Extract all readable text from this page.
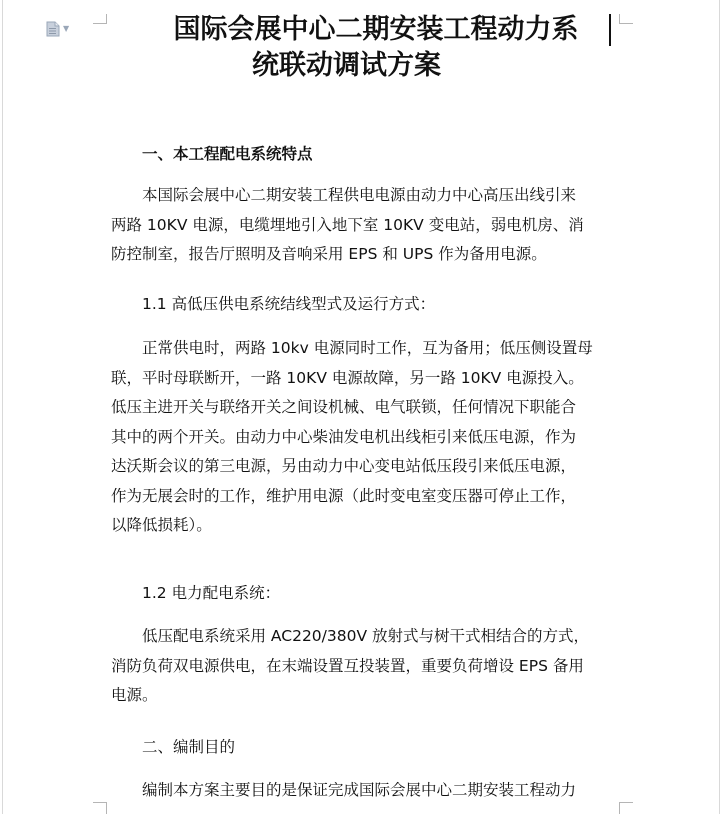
▼	国际会展中心二期安装工程动力系
统联动调试方案

一、本工程配电系统特点

本国际会展中心二期安装工程供电电源由动力中心高压出线引来

两路 10KV 电源，电缆埋地引入地下室 10KV 变电站，弱电机房、消

防控制室，报告厅照明及音响采用 EPS 和 UPS 作为备用电源。

1.1 高低压供电系统结线型式及运行方式：

正常供电时，两路 10kv 电源同时工作，互为备用；低压侧设置母

联，平时母联断开，一路 10KV 电源故障，另一路 10KV 电源投入。

低压主进开关与联络开关之间设机械、电气联锁，任何情况下职能合

其中的两个开关。由动力中心柴油发电机出线柜引来低压电源，作为

达沃斯会议的第三电源，另由动力中心变电站低压段引来低压电源，

作为无展会时的工作，维护用电源（此时变电室变压器可停止工作，

以降低损耗）。

1.2 电力配电系统：

低压配电系统采用 AC220/380V 放射式与树干式相结合的方式，

消防负荷双电源供电，在末端设置互投装置，重要负荷增设 EPS 备用

电源。

二、编制目的

编制本方案主要目的是保证完成国际会展中心二期安装工程动力
